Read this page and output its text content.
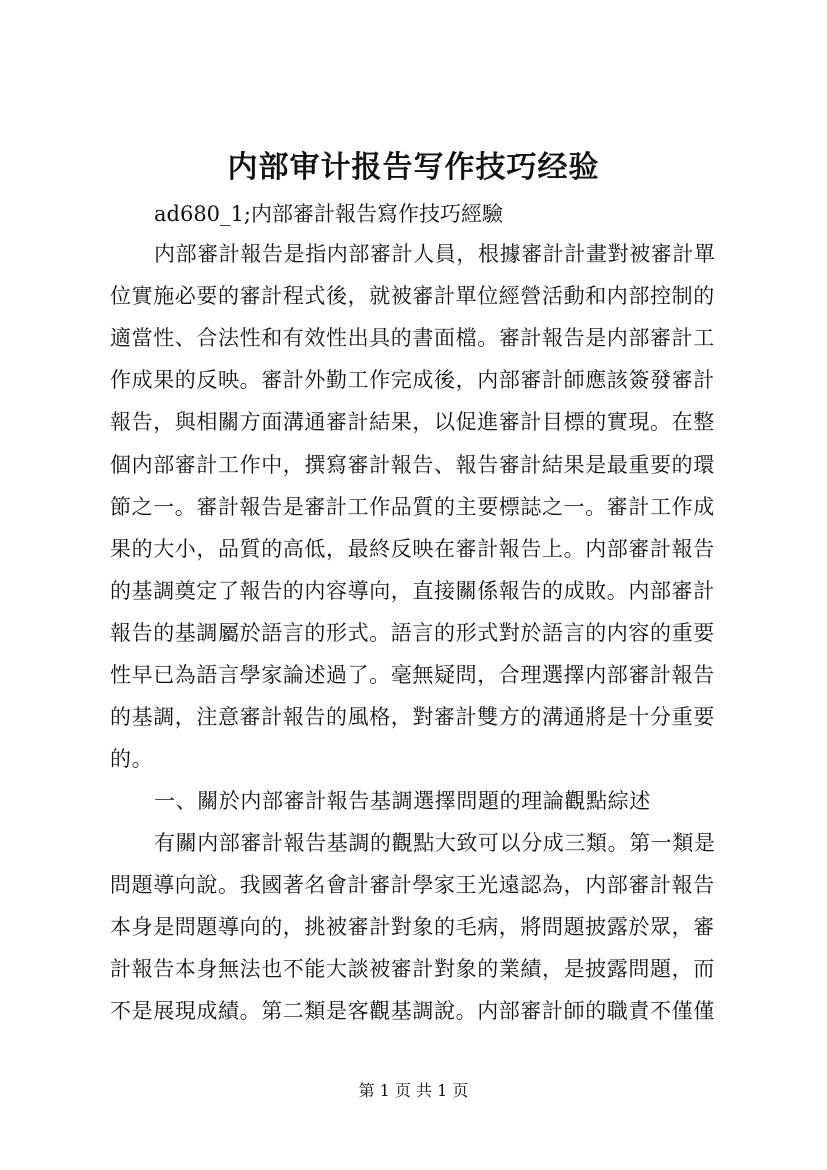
内部审计报告写作技巧经验
ad680_1;内部審計報告寫作技巧經驗
内部審計報告是指内部審計人員，根據審計計畫對被審計單
位實施必要的審計程式後，就被審計單位經營活動和内部控制的
適當性、合法性和有效性出具的書面檔。審計報告是内部審計工
作成果的反映。審計外勤工作完成後，内部審計師應該簽發審計
報告，與相關方面溝通審計結果，以促進審計目標的實現。在整
個内部審計工作中，撰寫審計報告、報告審計結果是最重要的環
節之一。審計報告是審計工作品質的主要標誌之一。審計工作成
果的大小，品質的高低，最終反映在審計報告上。内部審計報告
的基調奠定了報告的内容導向，直接關係報告的成敗。内部審計
報告的基調屬於語言的形式。語言的形式對於語言的内容的重要
性早已為語言學家論述過了。毫無疑問，合理選擇内部審計報告
的基調，注意審計報告的風格，對審計雙方的溝通將是十分重要
的。
一、關於内部審計報告基調選擇問題的理論觀點綜述
有關内部審計報告基調的觀點大致可以分成三類。第一類是
問題導向說。我國著名會計審計學家王光遠認為，内部審計報告
本身是問題導向的，挑被審計對象的毛病，將問題披露於眾，審
計報告本身無法也不能大談被審計對象的業績，是披露問題，而
不是展現成績。第二類是客觀基調說。内部審計師的職責不僅僅
第 1 页 共 1 页
